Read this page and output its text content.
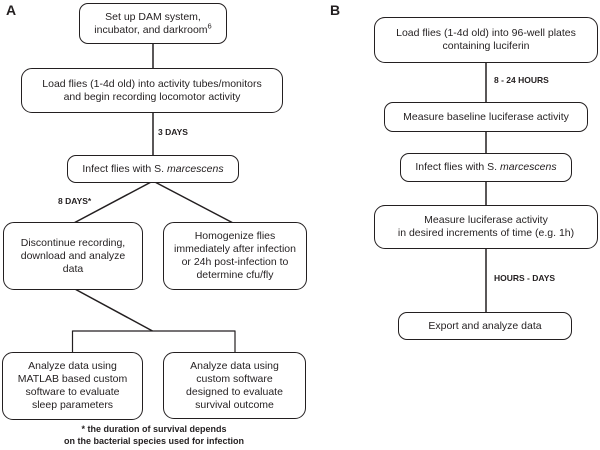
A	B
Set up DAM system,
incubator, and darkroom$^6$
Load flies (1-4d old) into activity tubes/monitors
and begin recording locomotor activity
Infect flies with S. marcescens
Discontinue recording,
download and analyze
data
Homogenize flies
immediately after infection
or 24h post-infection to
determine cfu/fly
Analyze data using
MATLAB based custom
software to evaluate
sleep parameters
Analyze data using
custom software
designed to evaluate
survival outcome
3 DAYS
8 DAYS*
* the duration of survival depends
on the bacterial species used for infection
Load flies (1-4d old) into 96-well plates
containing luciferin
Measure baseline luciferase activity
Infect flies with S. marcescens
Measure luciferase activity
in desired increments of time (e.g. 1h)
Export and analyze data
8 - 24 HOURS
HOURS - DAYS
